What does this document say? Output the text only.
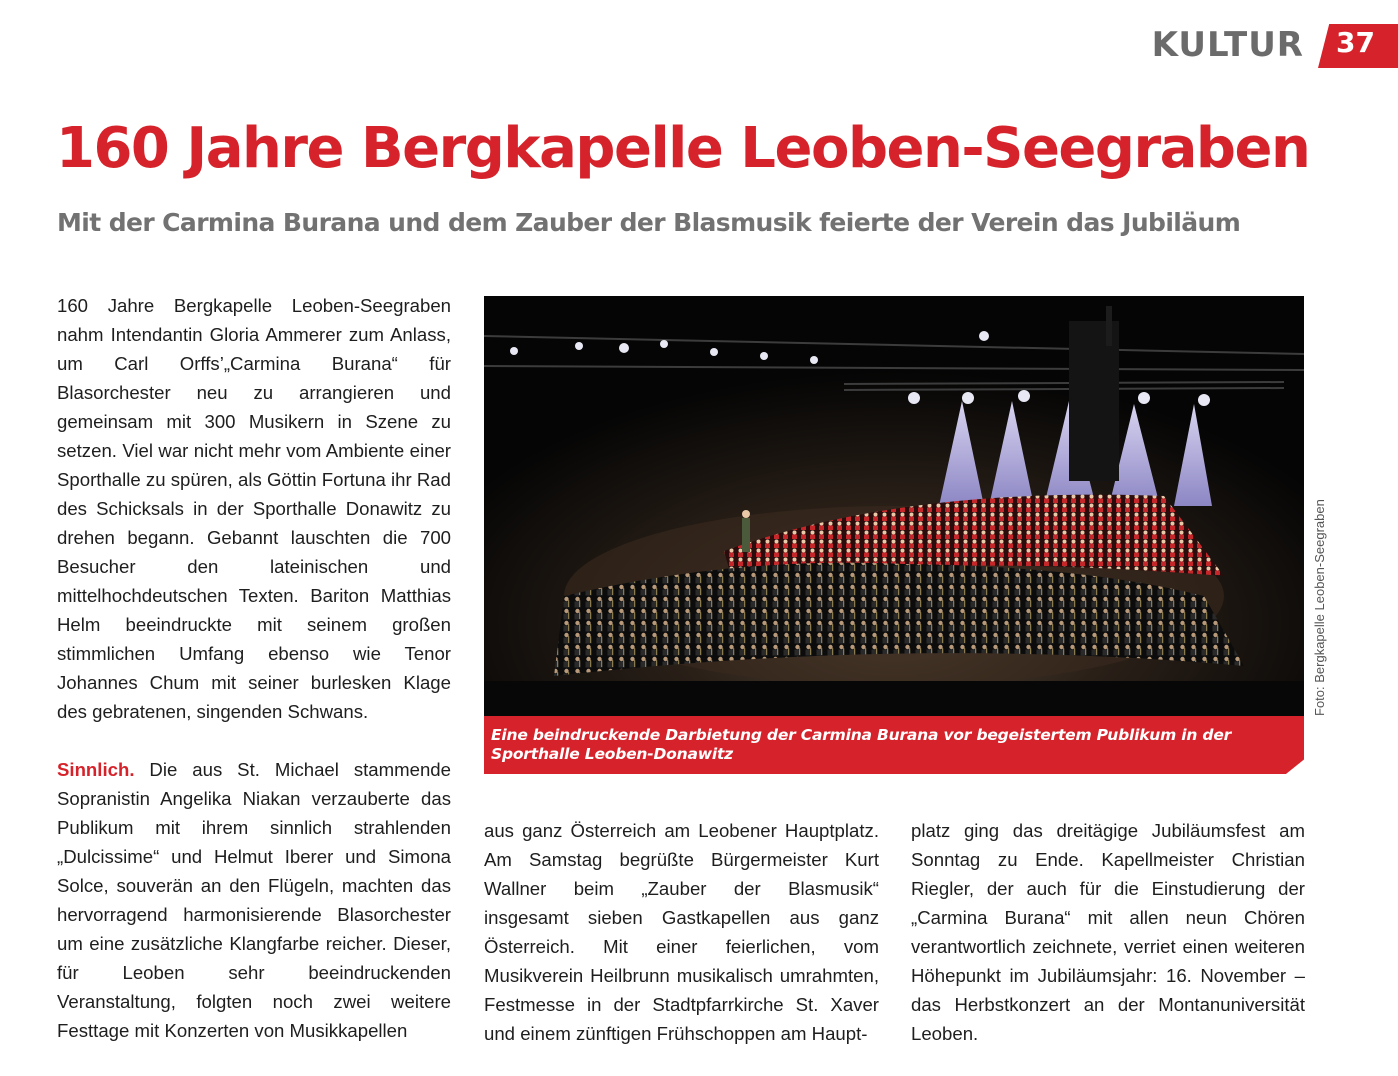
KULTUR 37
160 Jahre Bergkapelle Leoben-Seegraben
Mit der Carmina Burana und dem Zauber der Blasmusik feierte der Verein das Jubiläum

160 Jahre Bergkapelle Leoben-Seegraben nahm Intendantin Gloria Ammerer zum Anlass, um Carl Orffs’„Carmina Burana“ für Blasorchester neu zu arrangieren und gemeinsam mit 300 Musikern in Szene zu setzen. Viel war nicht mehr vom Ambiente einer Sporthalle zu spüren, als Göttin Fortuna ihr Rad des Schicksals in der Sporthalle Donawitz zu drehen begann. Gebannt lauschten die 700 Besucher den lateinischen und mittelhochdeutschen Texten. Bariton Matthias Helm beeindruckte mit seinem großen stimmlichen Umfang ebenso wie Tenor Johannes Chum mit seiner burlesken Klage des gebratenen, singenden Schwans.

Sinnlich. Die aus St. Michael stammende Sopranistin Angelika Niakan verzauberte das Publikum mit ihrem sinnlich strahlenden „Dulcissime“ und Helmut Iberer und Simona Solce, souverän an den Flügeln, machten das hervorragend harmonisierende Blasorchester um eine zusätzliche Klangfarbe reicher. Dieser, für Leoben sehr beeindruckenden Veranstaltung, folgten noch zwei weitere Festtage mit Konzerten von Musikkapellen

Eine beindruckende Darbietung der Carmina Burana vor begeistertem Publikum in der Sporthalle Leoben-Donawitz

Foto: Bergkapelle Leoben-Seegraben

aus ganz Österreich am Leobener Hauptplatz. Am Samstag begrüßte Bürgermeister Kurt Wallner beim „Zauber der Blasmusik“ insgesamt sieben Gastkapellen aus ganz Österreich. Mit einer feierlichen, vom Musikverein Heilbrunn musikalisch umrahmten, Festmesse in der Stadtpfarrkirche St. Xaver und einem zünftigen Frühschoppen am Haupt-

platz ging das dreitägige Jubiläumsfest am Sonntag zu Ende. Kapellmeister Christian Riegler, der auch für die Einstudierung der „Carmina Burana“ mit allen neun Chören verantwortlich zeichnete, verriet einen weiteren Höhepunkt im Jubiläumsjahr: 16. November – das Herbstkonzert an der Montanuniversität Leoben.
